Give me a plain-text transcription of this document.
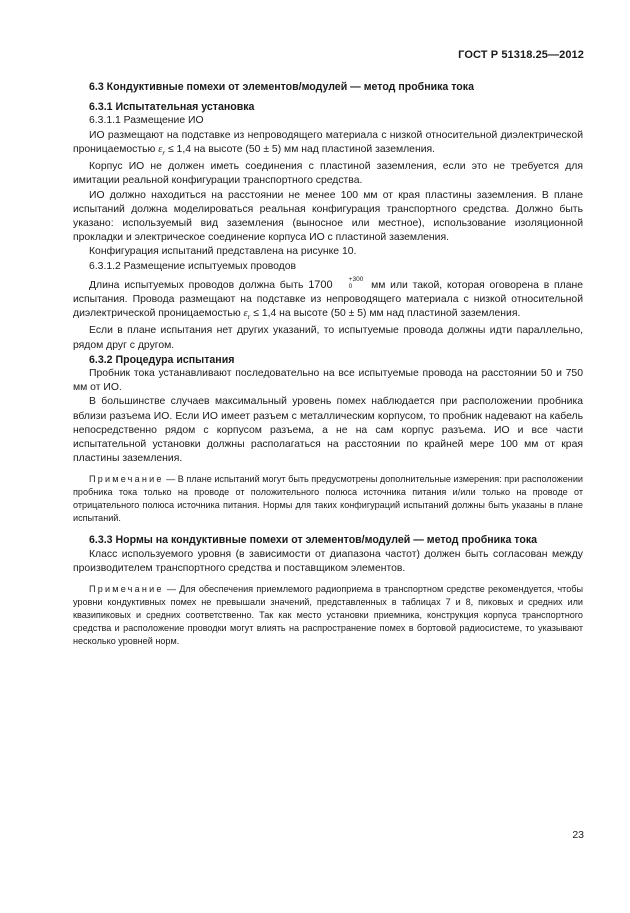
ГОСТ Р 51318.25—2012
6.3 Кондуктивные помехи от элементов/модулей — метод пробника тока
6.3.1 Испытательная установка
6.3.1.1 Размещение ИО

ИО размещают на подставке из непроводящего материала с низкой относительной диэлектрической проницаемостью $\varepsilon_r \le 1,4$ на высоте (50 ± 5) мм над пластиной заземления.

Корпус ИО не должен иметь соединения с пластиной заземления, если это не требуется для имитации реальной конфигурации транспортного средства.

ИО должно находиться на расстоянии не менее 100 мм от края пластины заземления. В плане испытаний должна моделироваться реальная конфигурация транспортного средства. Должно быть указано: используемый вид заземления (выносное или местное), использование изоляционной прокладки и электрическое соединение корпуса ИО с пластиной заземления.

Конфигурация испытаний представлена на рисунке 10.

6.3.1.2 Размещение испытуемых проводов

Длина испытуемых проводов должна быть 1700	+300
0	мм или такой, которая оговорена в плане испытания. Провода размещают на подставке из непроводящего материала с низкой относительной диэлектрической проницаемостью $\varepsilon_r \le 1,4$ на высоте (50 ± 5) мм над пластиной заземления.

Если в плане испытания нет других указаний, то испытуемые провода должны идти параллельно, рядом друг с другом.

6.3.2 Процедура испытания

Пробник тока устанавливают последовательно на все испытуемые провода на расстоянии 50 и 750 мм от ИО.

В большинстве случаев максимальный уровень помех наблюдается при расположении пробника вблизи разъема ИО. Если ИО имеет разъем с металлическим корпусом, то пробник надевают на кабель непосредственно рядом с корпусом разъема, а не на сам корпус разъема. ИО и все части испытательной установки должны располагаться на расстоянии по крайней мере 100 мм от края пластины заземления.

Примечание — В плане испытаний могут быть предусмотрены дополнительные измерения: при расположении пробника тока только на проводе от положительного полюса источника питания и/или только на проводе от отрицательного полюса источника питания. Нормы для таких конфигураций испытаний должны быть указаны в плане испытаний.

6.3.3 Нормы на кондуктивные помехи от элементов/модулей — метод пробника тока

Класс используемого уровня (в зависимости от диапазона частот) должен быть согласован между производителем транспортного средства и поставщиком элементов.

Примечание — Для обеспечения приемлемого радиоприема в транспортном средстве рекомендуется, чтобы уровни кондуктивных помех не превышали значений, представленных в таблицах 7 и 8, пиковых и средних или квазипиковых и средних соответственно. Так как место установки приемника, конструкция корпуса транспортного средства и расположение проводки могут влиять на распространение помех в бортовой радиосистеме, то указывают несколько уровней норм.

23
